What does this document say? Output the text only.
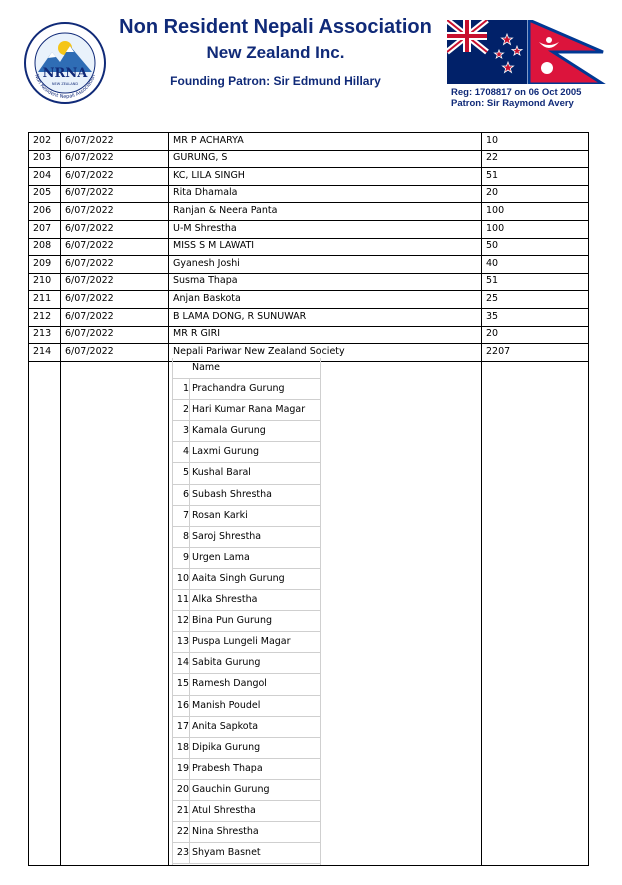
NRNA
NEW ZEALAND
Non Resident Nepali Association
Non Resident Nepali Association
New Zealand Inc.
Founding Patron: Sir Edmund Hillary
Reg: 1708817 on 06 Oct 2005
Patron: Sir Raymond Avery
202 6/07/2022	MR P ACHARYA	10
203 6/07/2022	GURUNG, S	22
204 6/07/2022	KC, LILA SINGH	51
205 6/07/2022	Rita Dhamala	20
206 6/07/2022	Ranjan & Neera Panta	100
207 6/07/2022	U-M Shrestha	100
208 6/07/2022	MISS S M LAWATI	50
209 6/07/2022	Gyanesh Joshi	40
210 6/07/2022	Susma Thapa	51
211 6/07/2022	Anjan Baskota	25
212 6/07/2022	B LAMA DONG, R SUNUWAR	35
213 6/07/2022	MR R GIRI	20
214 6/07/2022	Nepali Pariwar New Zealand Society	2207
Name
1 Prachandra Gurung
2 Hari Kumar Rana Magar
3 Kamala Gurung
4 Laxmi Gurung
5 Kushal Baral
6 Subash Shrestha
7 Rosan Karki
8 Saroj Shrestha
9 Urgen Lama
10 Aaita Singh Gurung
11 Alka Shrestha
12 Bina Pun Gurung
13 Puspa Lungeli Magar
14 Sabita Gurung
15 Ramesh Dangol
16 Manish Poudel
17 Anita Sapkota
18 Dipika Gurung
19 Prabesh Thapa
20 Gauchin Gurung
21 Atul Shrestha
22 Nina Shrestha
23 Shyam Basnet
